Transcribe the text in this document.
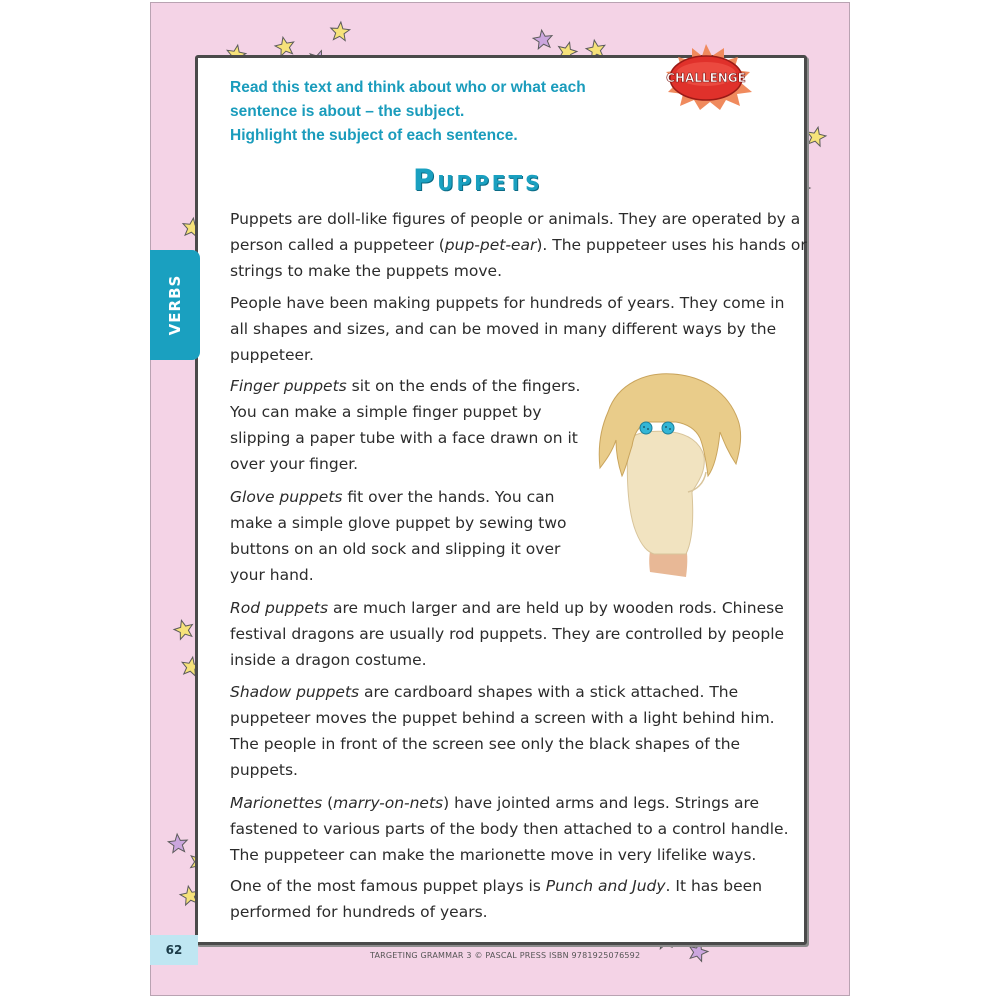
VERBS
CHALLENGE
Read this text and think about who or what each
sentence is about – the subject.
Highlight the subject of each sentence.
Puppets

Puppets are doll-like figures of people or animals. They are operated by a

person called a puppeteer (pup-pet-ear). The puppeteer uses his hands or

strings to make the puppets move.

People have been making puppets for hundreds of years. They come in

all shapes and sizes, and can be moved in many different ways by the

puppeteer.

Finger puppets sit on the ends of the fingers.

You can make a simple finger puppet by

slipping a paper tube with a face drawn on it

over your finger.

Glove puppets fit over the hands. You can

make a simple glove puppet by sewing two

buttons on an old sock and slipping it over

your hand.

Rod puppets are much larger and are held up by wooden rods. Chinese

festival dragons are usually rod puppets. They are controlled by people

inside a dragon costume.

Shadow puppets are cardboard shapes with a stick attached. The

puppeteer moves the puppet behind a screen with a light behind him.

The people in front of the screen see only the black shapes of the

puppets.

Marionettes (marry-on-nets) have jointed arms and legs. Strings are

fastened to various parts of the body then attached to a control handle.

The puppeteer can make the marionette move in very lifelike ways.

One of the most famous puppet plays is Punch and Judy. It has been

performed for hundreds of years.

62	TARGETING GRAMMAR 3 © PASCAL PRESS ISBN 9781925076592
